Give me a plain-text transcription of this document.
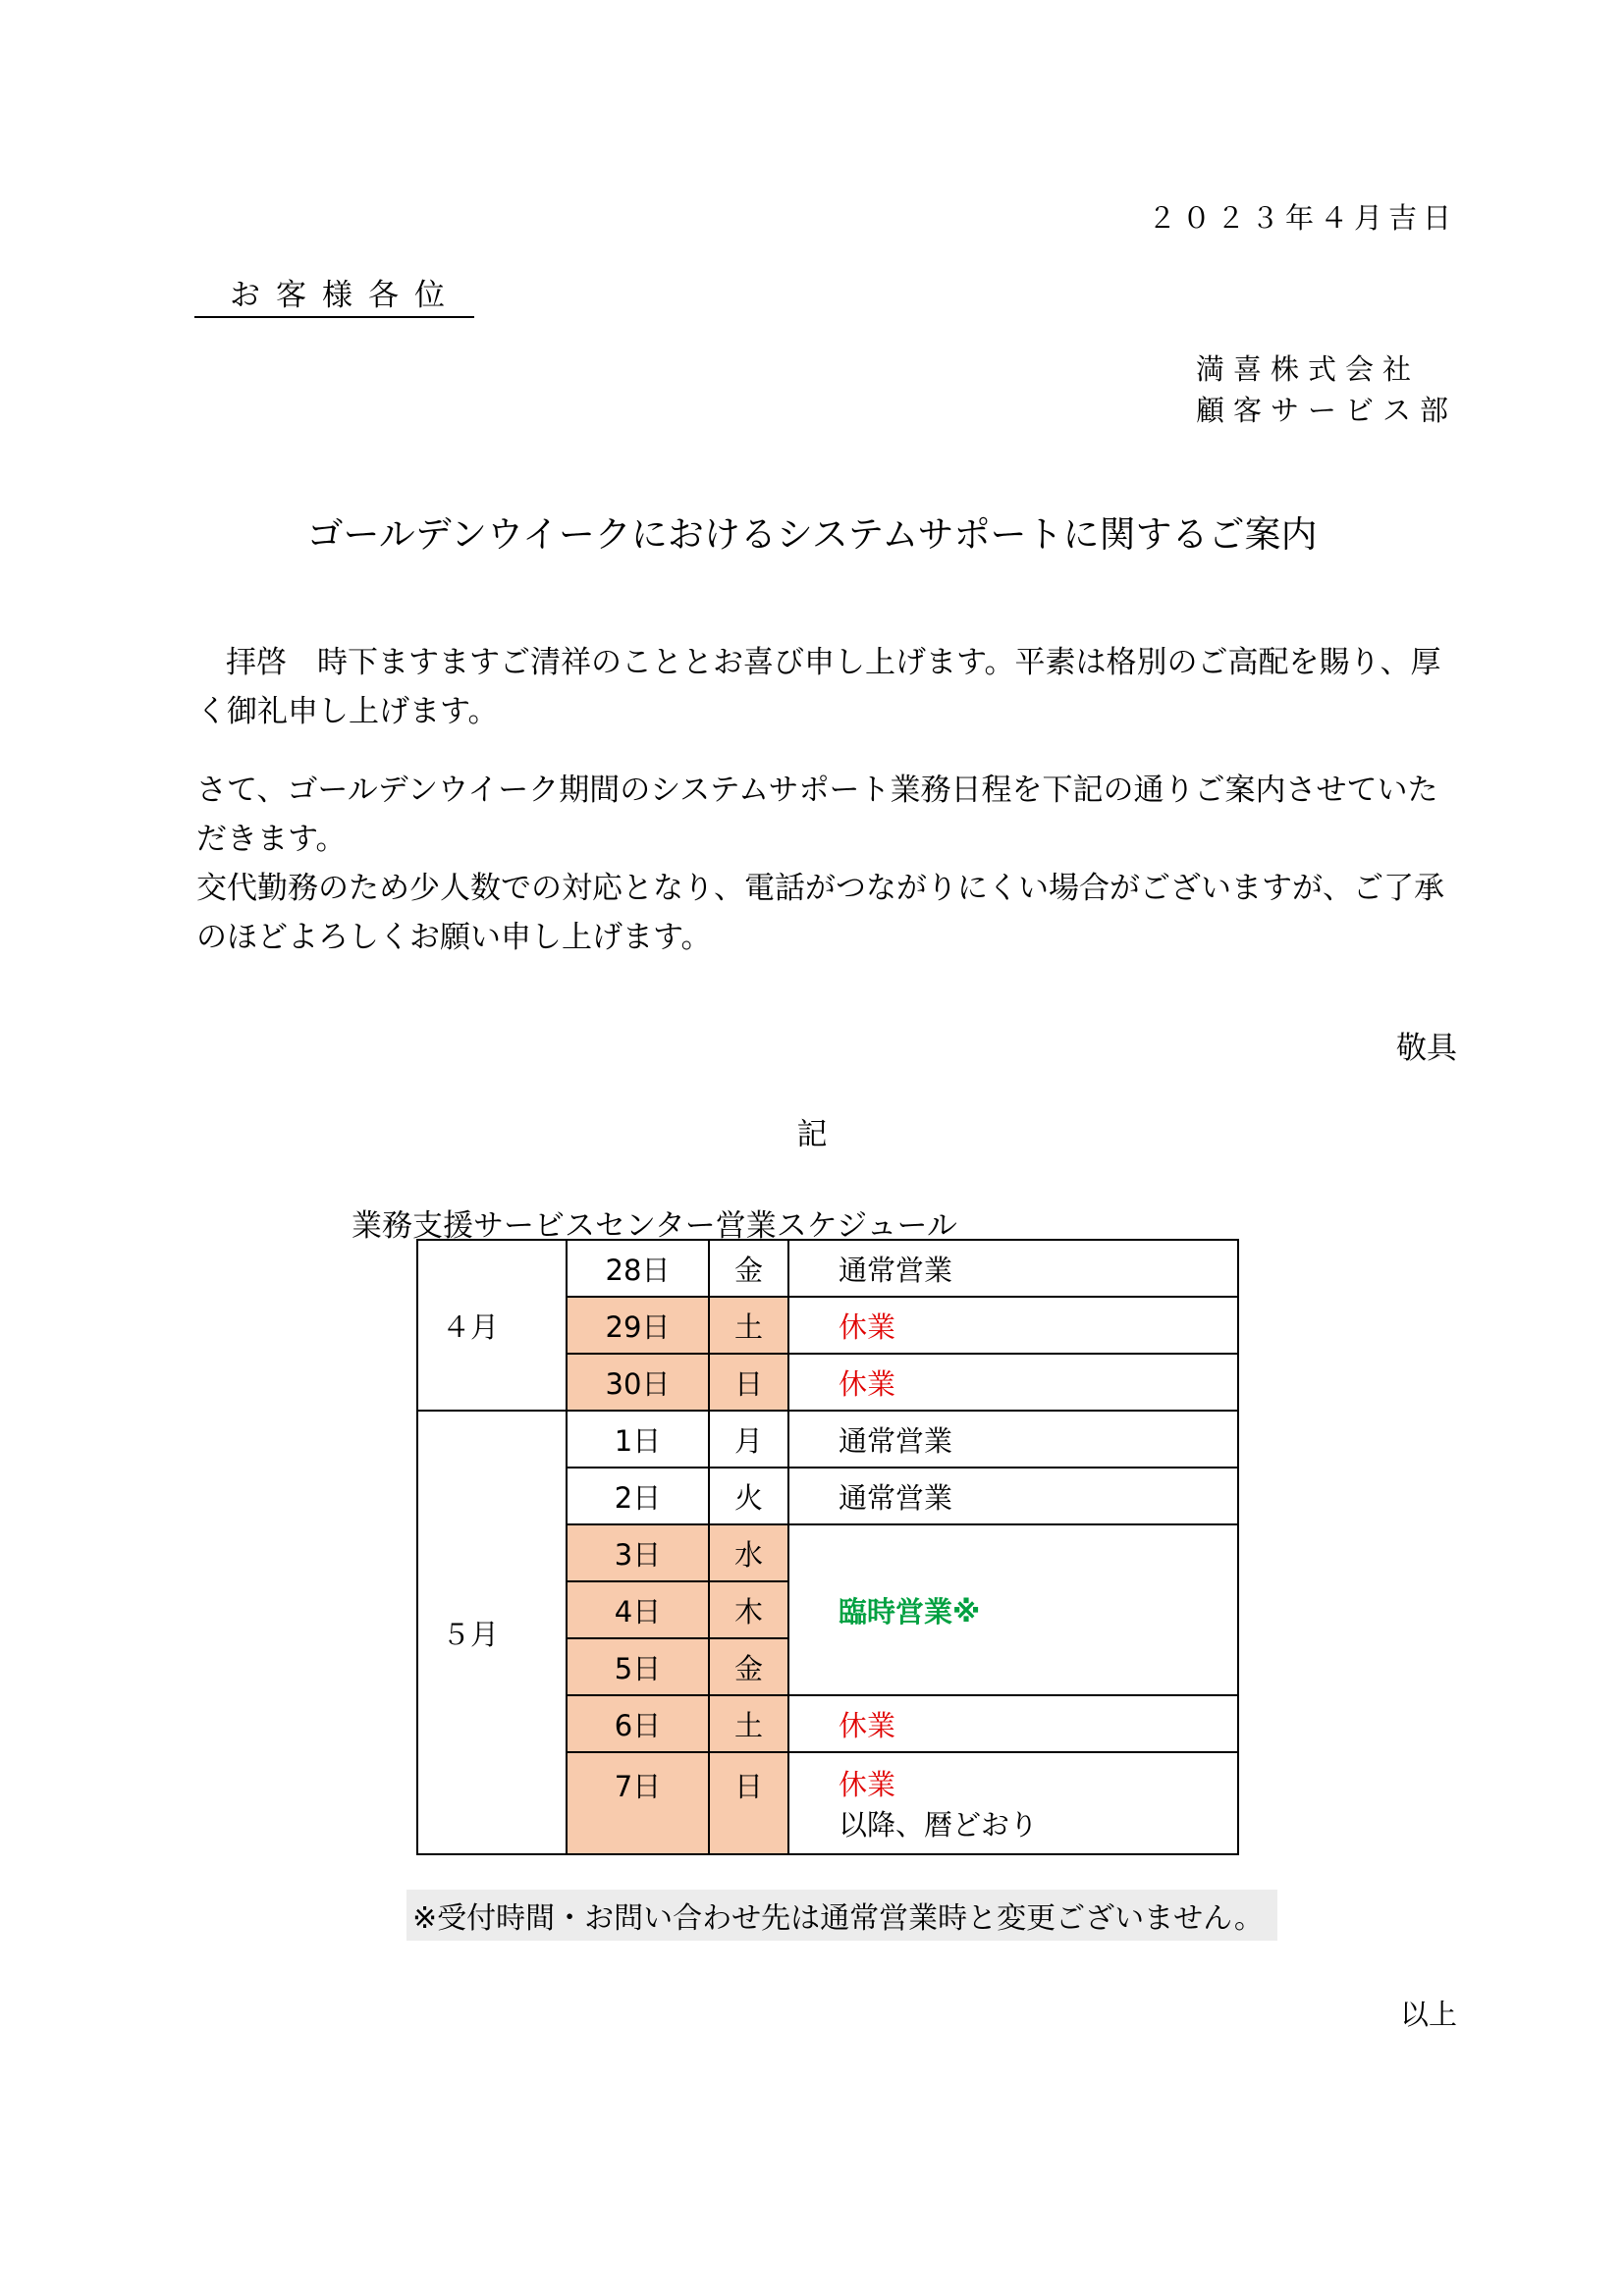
２０２３年４月吉日
お客様各位
満喜株式会社
顧客サービス部
ゴールデンウイークにおけるシステムサポートに関するご案内
拝啓　時下ますますご清祥のこととお喜び申し上げます。平素は格別のご高配を賜り、厚く御礼申し上げます。
さて、ゴールデンウイーク期間のシステムサポート業務日程を下記の通りご案内させていただきます。
交代勤務のため少人数での対応となり、電話がつながりにくい場合がございますが、ご了承のほどよろしくお願い申し上げます。
敬具
記
業務支援サービスセンター営業スケジュール
４月	28日	金	通常営業
	29日	土	休業
	30日	日	休業
５月	1日	月	通常営業
	2日	火	通常営業
	3日	水	臨時営業※
	4日	木	
	5日	金	
	6日	土	休業
	7日	日	休業
以降、暦どおり
※受付時間・お問い合わせ先は通常営業時と変更ございません。
以上
